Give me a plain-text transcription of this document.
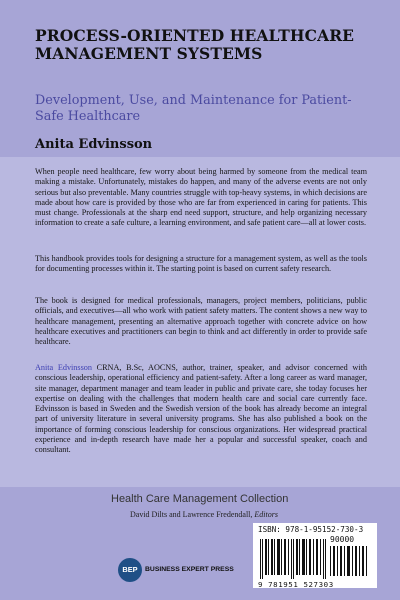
PROCESS-ORIENTED HEALTHCARE MANAGEMENT SYSTEMS
Development, Use, and Maintenance for Patient-Safe Healthcare
Anita Edvinsson
When people need healthcare, few worry about being harmed by someone from the medical team making a mistake. Unfortunately, mistakes do happen, and many of the adverse events are not only serious but also preventable. Many countries struggle with top-heavy systems, in which decisions are made about how care is provided by those who are far from experienced in caring for patients. This must change. Professionals at the sharp end need support, structure, and help organizing necessary information to create a safe culture, a learning environment, and safe patient care—all at lower costs.
This handbook provides tools for designing a structure for a management system, as well as the tools for documenting processes within it. The starting point is based on current safety research.
The book is designed for medical professionals, managers, project members, politicians, public officials, and executives—all who work with patient safety matters. The content shows a new way to healthcare management, presenting an alternative approach together with concrete advice on how healthcare executives and practitioners can begin to think and act differently in order to provide safe healthcare.
Anita Edvinsson CRNA, B.Sc, AOCNS, author, trainer, speaker, and advisor concerned with conscious leadership, operational efficiency and patient-safety. After a long career as ward manager, site manager, department manager and team leader in public and private care, she today focuses her expertise on dealing with the challenges that modern health care and social care currently face. Edvinsson is based in Sweden and the Swedish version of the book has already become an integral part of university literature in several university programs. She has also published a book on the importance of forming conscious leadership for conscious organizations. Her widespread practical experience and in-depth research have made her a popular and successful speaker, coach and consultant.
Health Care Management Collection
David Dilts and Lawrence Fredendall, Editors
ISBN: 978-1-95152-730-3
90000
9 781951 527303
BEP	BUSINESS EXPERT PRESS
